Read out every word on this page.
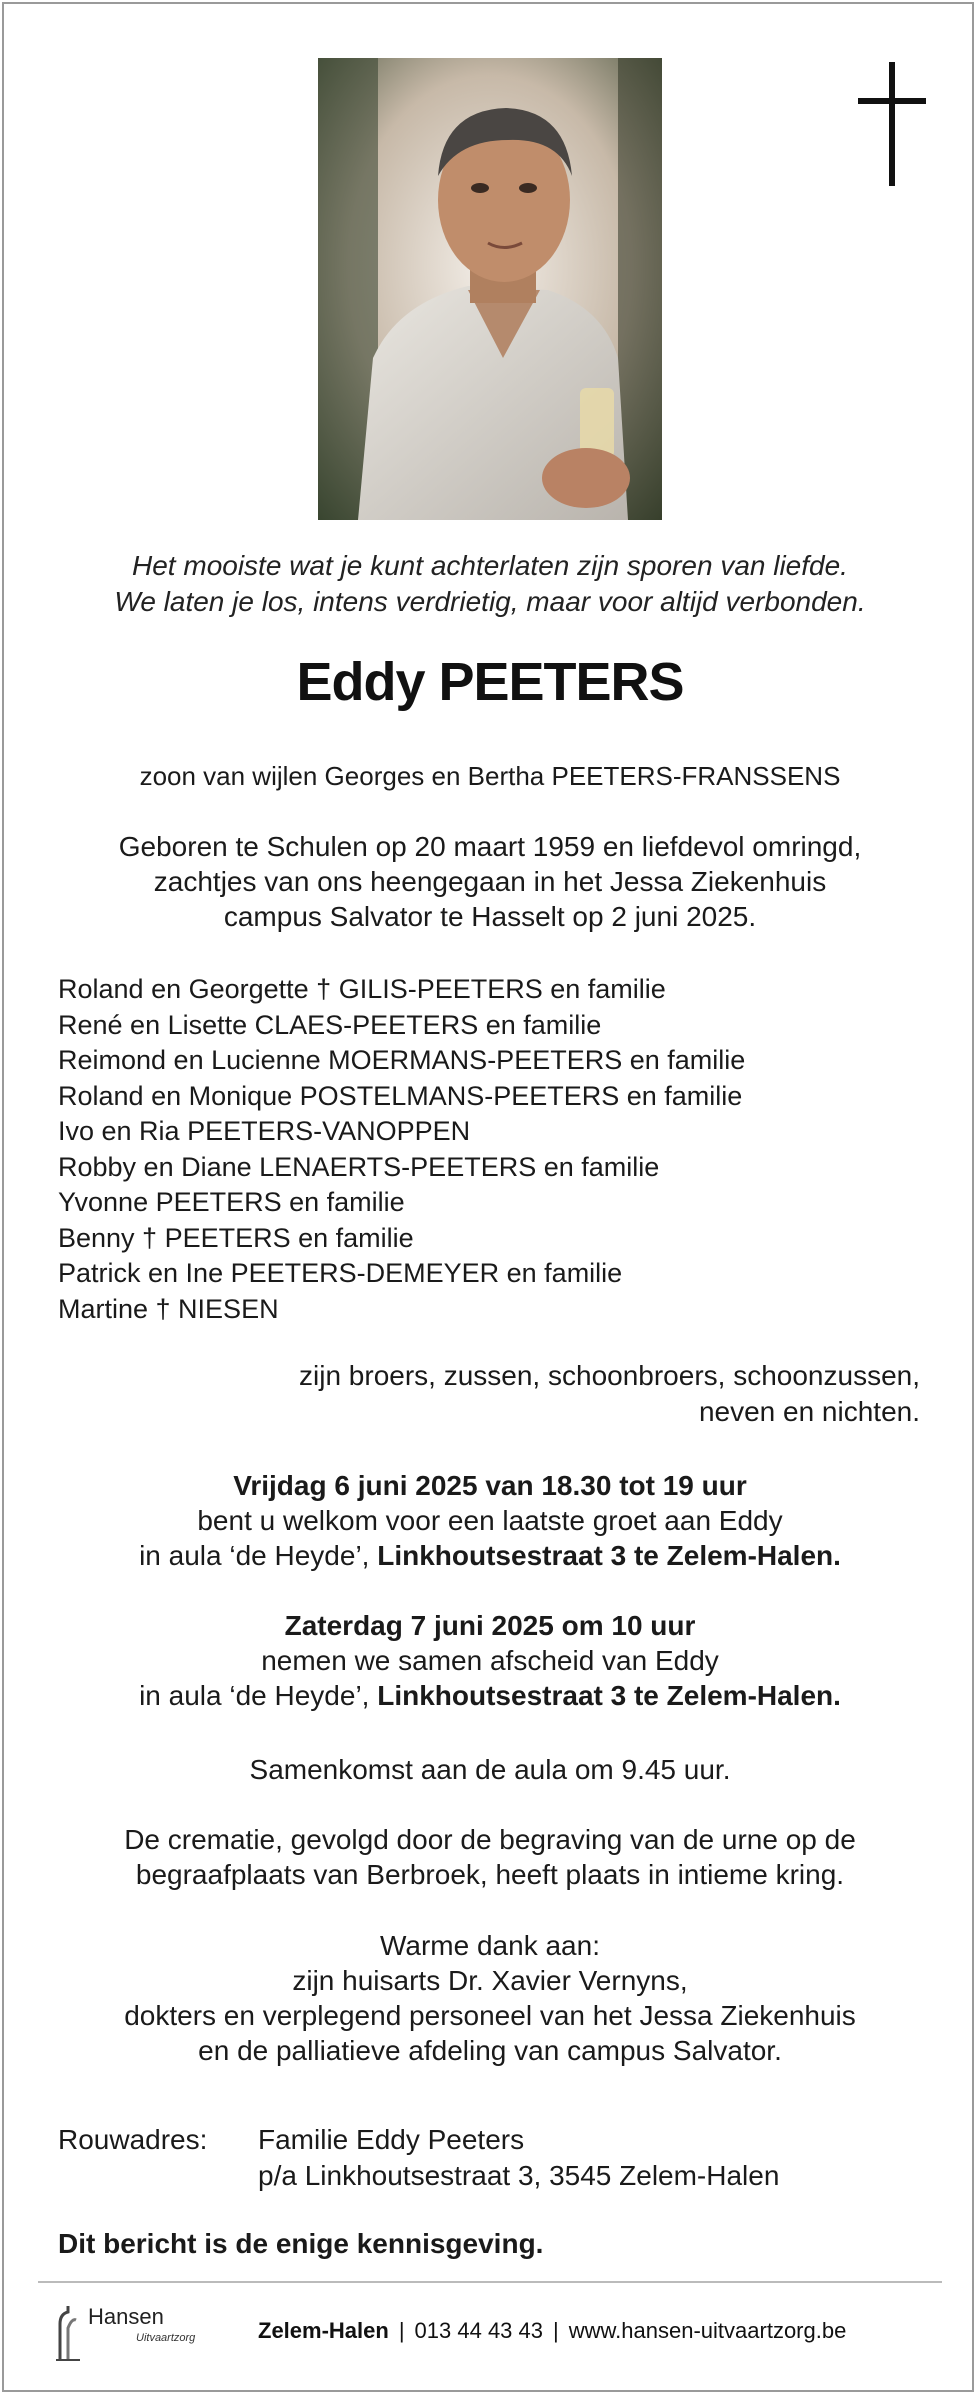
Het mooiste wat je kunt achterlaten zijn sporen van liefde.
We laten je los, intens verdrietig, maar voor altijd verbonden.
Eddy PEETERS
zoon van wijlen Georges en Bertha PEETERS-FRANSSENS
Geboren te Schulen op 20 maart 1959 en liefdevol omringd,
zachtjes van ons heengegaan in het Jessa Ziekenhuis
campus Salvator te Hasselt op 2 juni 2025.
Roland en Georgette † GILIS-PEETERS en familie
René en Lisette CLAES-PEETERS en familie
Reimond en Lucienne MOERMANS-PEETERS en familie
Roland en Monique POSTELMANS-PEETERS en familie
Ivo en Ria PEETERS-VANOPPEN
Robby en Diane LENAERTS-PEETERS en familie
Yvonne PEETERS en familie
Benny † PEETERS en familie
Patrick en Ine PEETERS-DEMEYER en familie
Martine † NIESEN
zijn broers, zussen, schoonbroers, schoonzussen,
neven en nichten.
Vrijdag 6 juni 2025 van 18.30 tot 19 uur
bent u welkom voor een laatste groet aan Eddy
in aula ‘de Heyde’, Linkhoutsestraat 3 te Zelem-Halen.
Zaterdag 7 juni 2025 om 10 uur
nemen we samen afscheid van Eddy
in aula ‘de Heyde’, Linkhoutsestraat 3 te Zelem-Halen.
Samenkomst aan de aula om 9.45 uur.
De crematie, gevolgd door de begraving van de urne op de
begraafplaats van Berbroek, heeft plaats in intieme kring.
Warme dank aan:
zijn huisarts Dr. Xavier Vernyns,
dokters en verplegend personeel van het Jessa Ziekenhuis
en de palliatieve afdeling van campus Salvator.
Rouwadres: Familie Eddy Peeters
p/a Linkhoutsestraat 3, 3545 Zelem-Halen
Dit bericht is de enige kennisgeving.
Hansen
Uitvaartzorg	Zelem-Halen | 013 44 43 43 | www.hansen-uitvaartzorg.be
